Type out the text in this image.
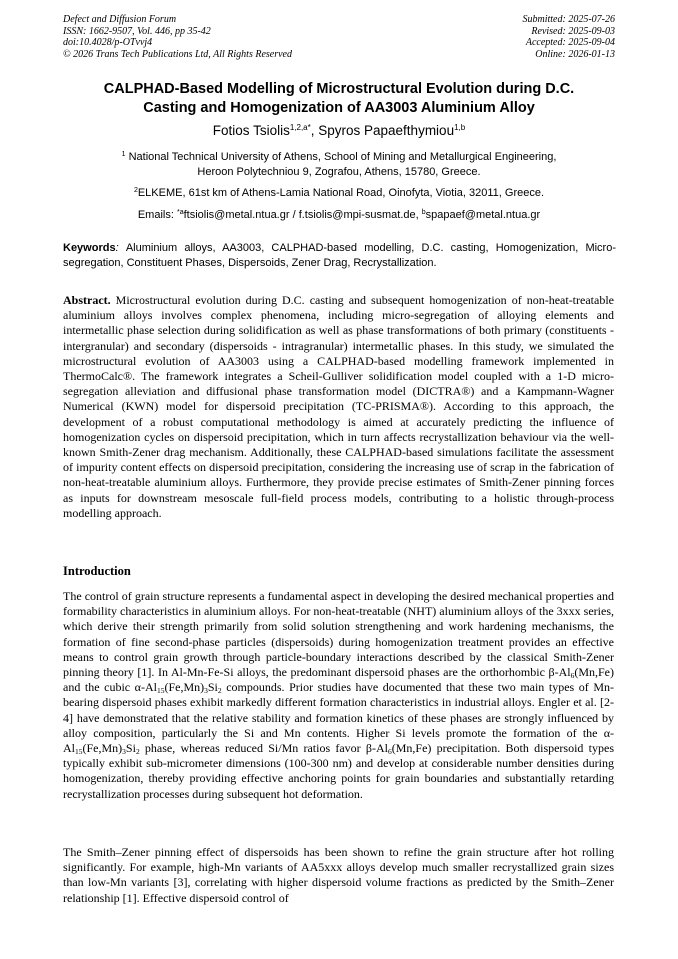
Defect and Diffusion Forum
ISSN: 1662-9507, Vol. 446, pp 35-42
doi:10.4028/p-OTvvj4
© 2026 Trans Tech Publications Ltd, All Rights Reserved
Submitted: 2025-07-26
Revised: 2025-09-03
Accepted: 2025-09-04
Online: 2026-01-13
CALPHAD-Based Modelling of Microstructural Evolution during D.C.
Casting and Homogenization of AA3003 Aluminium Alloy
Fotios Tsiolis$^{1,2,a*}$, Spyros Papaefthymiou$^{1,b}$
$^1$ National Technical University of Athens, School of Mining and Metallurgical Engineering,
Heroon Polytechniou 9, Zografou, Athens, 15780, Greece.
$^2$ELKEME, 61st km of Athens-Lamia National Road, Oinofyta, Viotia, 32011, Greece.
Emails: $^{*a}$ftsiolis@metal.ntua.gr / f.tsiolis@mpi-susmat.de, $^b$spapaef@metal.ntua.gr
Keywords: Aluminium alloys, AA3003, CALPHAD-based modelling, D.C. casting, Homogenization, Micro-segregation, Constituent Phases, Dispersoids, Zener Drag, Recrystallization.
Abstract. Microstructural evolution during D.C. casting and subsequent homogenization of non-heat-treatable aluminium alloys involves complex phenomena, including micro-segregation of alloying elements and intermetallic phase selection during solidification as well as phase transformations of both primary (constituents - intergranular) and secondary (dispersoids - intragranular) intermetallic phases. In this study, we simulated the microstructural evolution of AA3003 using a CALPHAD-based modelling framework implemented in ThermoCalc®. The framework integrates a Scheil-Gulliver solidification model coupled with a 1-D micro-segregation alleviation and diffusional phase transformation model (DICTRA®) and a Kampmann-Wagner Numerical (KWN) model for dispersoid precipitation (TC-PRISMA®). According to this approach, the development of a robust computational methodology is aimed at accurately predicting the influence of homogenization cycles on dispersoid precipitation, which in turn affects recrystallization behaviour via the well-known Smith-Zener drag mechanism. Additionally, these CALPHAD-based simulations facilitate the assessment of impurity content effects on dispersoid precipitation, considering the increasing use of scrap in the fabrication of non-heat-treatable aluminium alloys. Furthermore, they provide precise estimates of Smith-Zener pinning forces as inputs for downstream mesoscale full-field process models, contributing to a holistic through-process modelling approach.
Introduction
The control of grain structure represents a fundamental aspect in developing the desired mechanical properties and formability characteristics in aluminium alloys. For non-heat-treatable (NHT) aluminium alloys of the 3xxx series, which derive their strength primarily from solid solution strengthening and work hardening mechanisms, the formation of fine second-phase particles (dispersoids) during homogenization treatment provides an effective means to control grain growth through particle-boundary interactions described by the classical Smith-Zener pinning theory [1]. In Al-Mn-Fe-Si alloys, the predominant dispersoid phases are the orthorhombic $\beta-Al_6(Mn,Fe)$ and the cubic $\alpha-Al_{15}(Fe,Mn)_3Si_2$ compounds. Prior studies have documented that these two main types of Mn-bearing dispersoid phases exhibit markedly different formation characteristics in industrial alloys. Engler et al. [2-4] have demonstrated that the relative stability and formation kinetics of these phases are strongly influenced by alloy composition, particularly the Si and Mn contents. Higher Si levels promote the formation of the $\alpha-Al_{15}(Fe,Mn)_3Si_2$ phase, whereas reduced Si/Mn ratios favor $\beta-Al_6(Mn,Fe)$ precipitation. Both dispersoid types typically exhibit sub-micrometer dimensions (100-300 nm) and develop at considerable number densities during homogenization, thereby providing effective anchoring points for grain boundaries and substantially retarding recrystallization processes during subsequent hot deformation.
The Smith–Zener pinning effect of dispersoids has been shown to refine the grain structure after hot rolling significantly. For example, high-Mn variants of AA5xxx alloys develop much smaller recrystallized grain sizes than low-Mn variants [3], correlating with higher dispersoid volume fractions as predicted by the Smith–Zener relationship [1]. Effective dispersoid control of
